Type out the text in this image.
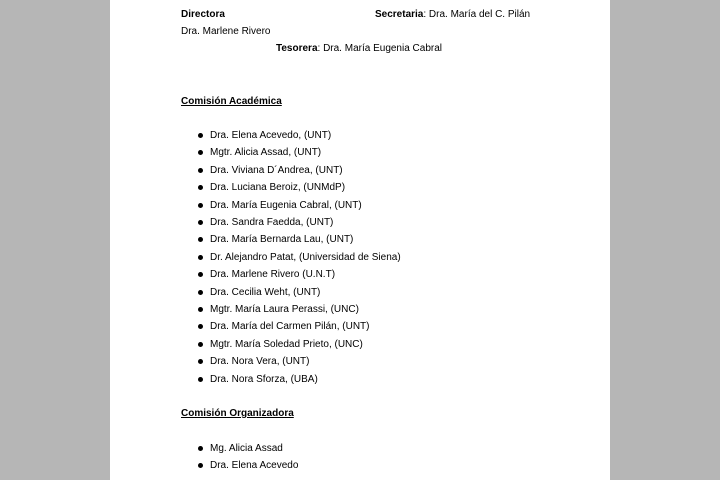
Directora	Secretaria: Dra. María del C. Pilán
Dra. Marlene Rivero
Tesorera: Dra. María Eugenia Cabral
Comisión Académica
Dra. Elena Acevedo, (UNT)
Mgtr. Alicia Assad, (UNT)
Dra. Viviana D´Andrea, (UNT)
Dra. Luciana Beroiz, (UNMdP)
Dra. María Eugenia Cabral, (UNT)
Dra. Sandra Faedda, (UNT)
Dra. María Bernarda Lau, (UNT)
Dr. Alejandro Patat, (Universidad de Siena)
Dra. Marlene Rivero (U.N.T)
Dra. Cecilia Weht, (UNT)
Mgtr. María Laura Perassi, (UNC)
Dra. María del Carmen Pilán, (UNT)
Mgtr. María Soledad Prieto, (UNC)
Dra. Nora Vera, (UNT)
Dra. Nora Sforza, (UBA)
Comisión Organizadora
Mg. Alicia Assad
Dra. Elena Acevedo
